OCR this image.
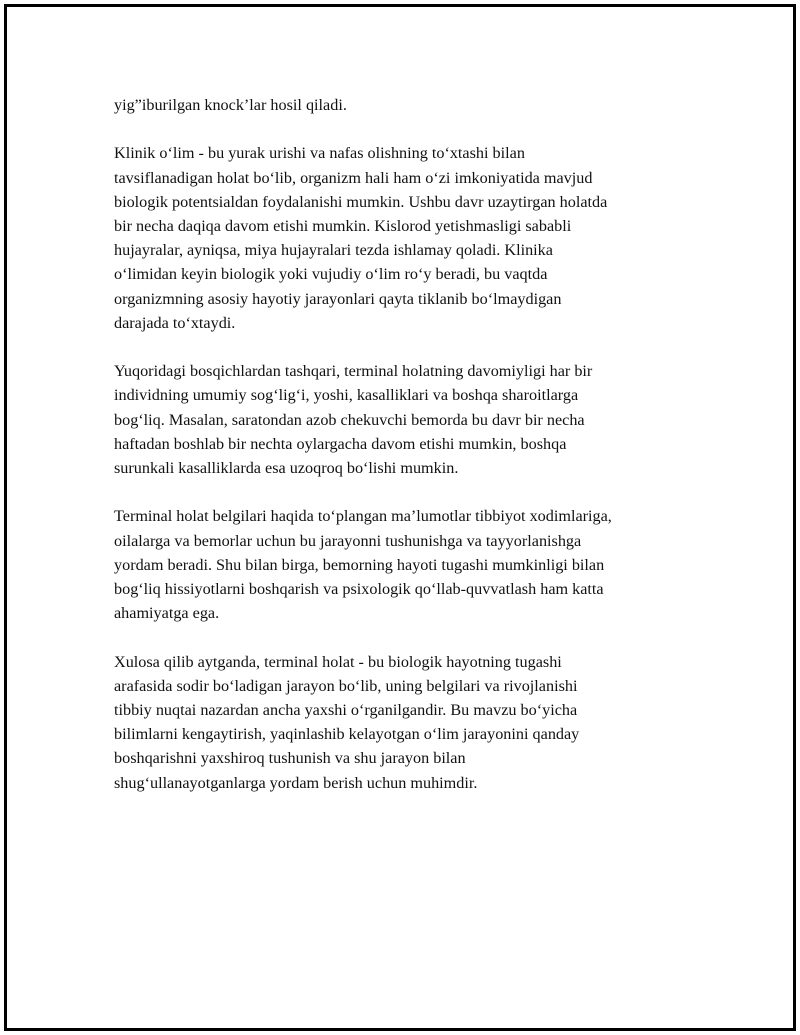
yig”iburilgan knock’lar hosil qiladi.

Klinik o‘lim - bu yurak urishi va nafas olishning to‘xtashi bilan
tavsiflanadigan holat bo‘lib, organizm hali ham o‘zi imkoniyatida mavjud
biologik potentsialdan foydalanishi mumkin. Ushbu davr uzaytirgan holatda
bir necha daqiqa davom etishi mumkin. Kislorod yetishmasligi sababli
hujayralar, ayniqsa, miya hujayralari tezda ishlamay qoladi. Klinika
o‘limidan keyin biologik yoki vujudiy o‘lim ro‘y beradi, bu vaqtda
organizmning asosiy hayotiy jarayonlari qayta tiklanib bo‘lmaydigan
darajada to‘xtaydi.

Yuqoridagi bosqichlardan tashqari, terminal holatning davomiyligi har bir
individning umumiy sog‘lig‘i, yoshi, kasalliklari va boshqa sharoitlarga
bog‘liq. Masalan, saratondan azob chekuvchi bemorda bu davr bir necha
haftadan boshlab bir nechta oylargacha davom etishi mumkin, boshqa
surunkali kasalliklarda esa uzoqroq bo‘lishi mumkin.

Terminal holat belgilari haqida to‘plangan ma’lumotlar tibbiyot xodimlariga,
oilalarga va bemorlar uchun bu jarayonni tushunishga va tayyorlanishga
yordam beradi. Shu bilan birga, bemorning hayoti tugashi mumkinligi bilan
bog‘liq hissiyotlarni boshqarish va psixologik qo‘llab-quvvatlash ham katta
ahamiyatga ega.

Xulosa qilib aytganda, terminal holat - bu biologik hayotning tugashi
arafasida sodir bo‘ladigan jarayon bo‘lib, uning belgilari va rivojlanishi
tibbiy nuqtai nazardan ancha yaxshi o‘rganilgandir. Bu mavzu bo‘yicha
bilimlarni kengaytirish, yaqinlashib kelayotgan o‘lim jarayonini qanday
boshqarishni yaxshiroq tushunish va shu jarayon bilan
shug‘ullanayotganlarga yordam berish uchun muhimdir.
